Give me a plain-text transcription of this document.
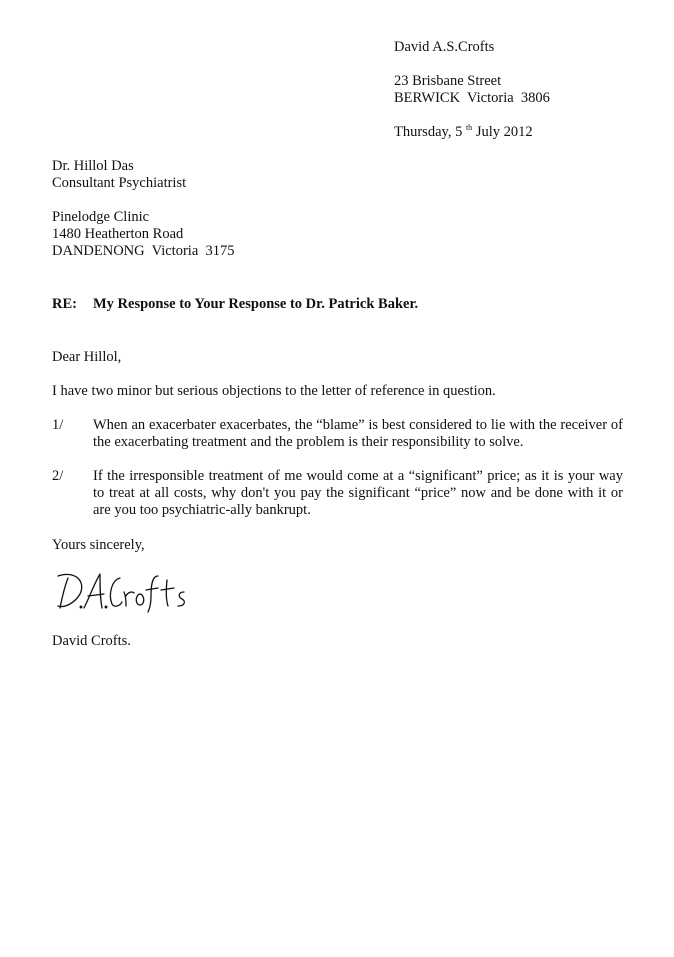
David A.S.Crofts
23 Brisbane Street
BERWICK  Victoria  3806
Thursday, 5 $^{th}$ July 2012
Dr. Hillol Das
Consultant Psychiatrist
Pinelodge Clinic
1480 Heatherton Road
DANDENONG  Victoria  3175
RE: My Response to Your Response to Dr. Patrick Baker.
Dear Hillol,
I have two minor but serious objections to the letter of reference in question.
1/ When an exacerbater exacerbates, the “blame” is best considered to lie with the receiver of the exacerbating treatment and the problem is their responsibility to solve.
2/ If the irresponsible treatment of me would come at a “significant” price; as it is your way to treat at all costs, why don't you pay the significant “price” now and be done with it or are you too psychiatric-ally bankrupt.
Yours sincerely,
David Crofts.
